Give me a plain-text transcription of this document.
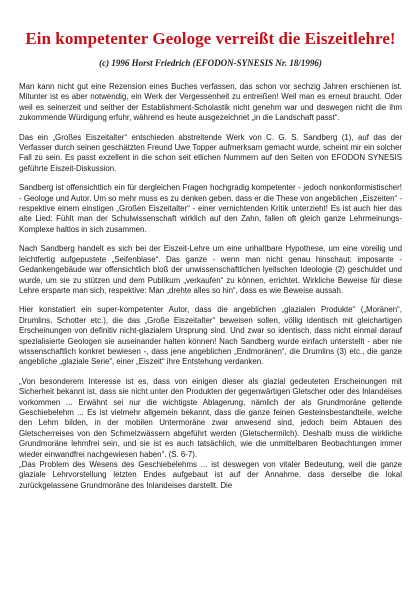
Ein kompetenter Geologe verreißt die Eiszeitlehre!
(c) 1996 Horst Friedrich (EFODON-SYNESIS Nr. 18/1996)

Man kann nicht gut eine Rezension eines Buches verfassen, das schon vor sechzig Jahren erschienen ist. Mitunter ist es aber notwendig, ein Werk der Vergessenheit zu entreißen! Weil man es erneut braucht. Oder weil es seinerzeit und seither der Establishment-Scholastik nicht genehm war und deswegen nicht die ihm zukommende Würdigung erfuhr, während es heute ausgezeichnet „in die Landschaft passt“.

Das ein „Großes Eiszeitalter“ entschieden abstreitende Werk von C. G. S. Sandberg (1), auf das der Verfasser durch seinen geschätzten Freund Uwe Topper aufmerksam gemacht wurde, scheint mir ein solcher Fall zu sein. Es passt exzellent in die schon seit etlichen Nummern auf den Seiten von EFODON SYNESIS geführte Eiszeit-Diskussion.

Sandberg ist offensichtlich ein für dergleichen Fragen hochgradig kompetenter - jedoch nonkonformistischer! - Geologe und Autor. Um so mehr muss es zu denken geben, dass er die These von angeblichen „Eiszeiten“ - respektive einem einstigen „Großen Eiszeitalter“ - einer vernichtenden Kritik unterzieht! Es ist auch hier das alte Lied: Fühlt man der Schulwissenschaft wirklich auf den Zahn, fallen oft gleich ganze Lehrmeinungs-Komplexe haltlos in sich zusammen.

Nach Sandberg handelt es sich bei der Eiszeit-Lehre um eine unhaltbare Hypothese, um eine voreilig und leichtfertig aufgepustete „Seifenblase“. Das ganze - wenn man nicht genau hinschaut: imposante - Gedankengebäude war offensichtlich bloß der unwissenschaftlichen lyellschen Ideologie (2) geschuldet und wurde, um sie zu stützen und dem Publikum „verkaufen“ zu können, errichtet. Wirkliche Beweise für diese Lehre ersparte man sich, respektive: Man „drehte alles so hin“, dass es wie Beweise aussah.

Hier konstatiert ein super-kompetenter Autor, dass die angeblichen „glazialen Produkte“ („Moränen“, Drumlins, Schotter etc.), die das „Große Eiszeitalter“ beweisen sollen, völlig identisch mit gleichartigen Erscheinungen von definitiv nicht-glazialem Ursprung sind. Und zwar so identisch, dass nicht einmal darauf spezialisierte Geologen sie auseinander halten können! Nach Sandberg wurde einfach unterstellt - aber nie wissenschaftlich konkret bewiesen -, dass jene angeblichen „Endmoränen“, die Drumlins (3) etc., die ganze angebliche „glaziale Serie“, einer „Eiszeit“ ihre Entstehung verdanken.

„Von besonderem Interesse ist es, dass von einigen dieser als glazial gedeuteten Erscheinungen mit Sicherheit bekannt ist, dass sie nicht unter den Produkten der gegenwärtigen Gletscher oder des Inlandeises vorkommen ... Erwähnt sei nur die wichtigste Ablagerung, nämlich der als Grundmoräne geltende Geschiebelehm ... Es ist vielmehr allgemein bekannt, dass die ganze feinen Gesteinsbestandteile, welche den Lehm bilden, in der mobilen Untermoräne zwar anwesend sind, jedoch beim Abtauen des Gletscherreises von den Schmelzwässern abgeführt werden (Gletschermilch). Deshalb muss die wirkliche Grundmoräne lehmfrei sein, und sie ist es auch tatsächlich, wie die unmittelbaren Beobachtungen immer wieder einwandfrei nachgewiesen haben“. (S. 6-7).

„Das Problem des Wesens des Geschiebelehms ... ist deswegen von vitaler Bedeutung, weil die ganze glaziale Lehrvorstellung letzten Endes aufgebaut ist auf der Annahme, dass derselbe die lokal zurückgelassene Grundmoräne des Inlandeises darstellt. Die
